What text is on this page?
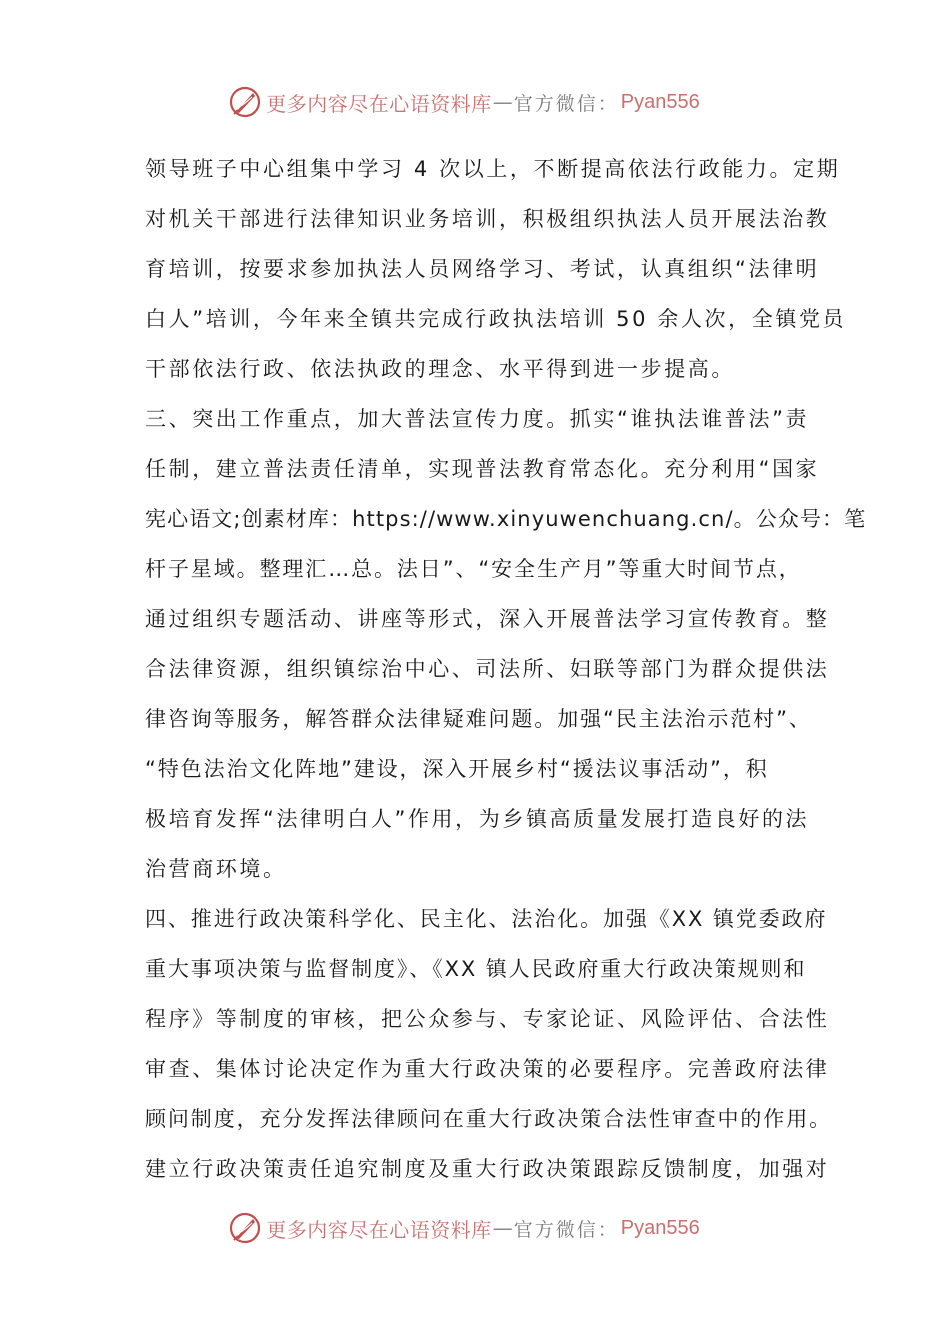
更多内容尽在心语资料库 — 官方微信： Pyan556
领导班子中心组集中学习 4 次以上，不断提高依法行政能力。定期
对机关干部进行法律知识业务培训，积极组织执法人员开展法治教
育培训，按要求参加执法人员网络学习、考试，认真组织“法律明
白人”培训，今年来全镇共完成行政执法培训 50 余人次，全镇党员
干部依法行政、依法执政的理念、水平得到进一步提高。
三、突出工作重点，加大普法宣传力度。抓实“谁执法谁普法”责
任制，建立普法责任清单，实现普法教育常态化。充分利用“国家
宪心语文;创素材库：https://www.xinyuwenchuang.cn/。公众号：笔
杆子星域。整理汇…总。法日”、“安全生产月”等重大时间节点，
通过组织专题活动、讲座等形式，深入开展普法学习宣传教育。整
合法律资源，组织镇综治中心、司法所、妇联等部门为群众提供法
律咨询等服务，解答群众法律疑难问题。加强“民主法治示范村”、
“特色法治文化阵地”建设，深入开展乡村“援法议事活动”，积
极培育发挥“法律明白人”作用，为乡镇高质量发展打造良好的法
治营商环境。
四、推进行政决策科学化、民主化、法治化。加强《XX 镇党委政府
重大事项决策与监督制度》、《XX 镇人民政府重大行政决策规则和
程序》等制度的审核，把公众参与、专家论证、风险评估、合法性
审查、集体讨论决定作为重大行政决策的必要程序。完善政府法律
顾问制度，充分发挥法律顾问在重大行政决策合法性审查中的作用。
建立行政决策责任追究制度及重大行政决策跟踪反馈制度，加强对
更多内容尽在心语资料库 — 官方微信： Pyan556
